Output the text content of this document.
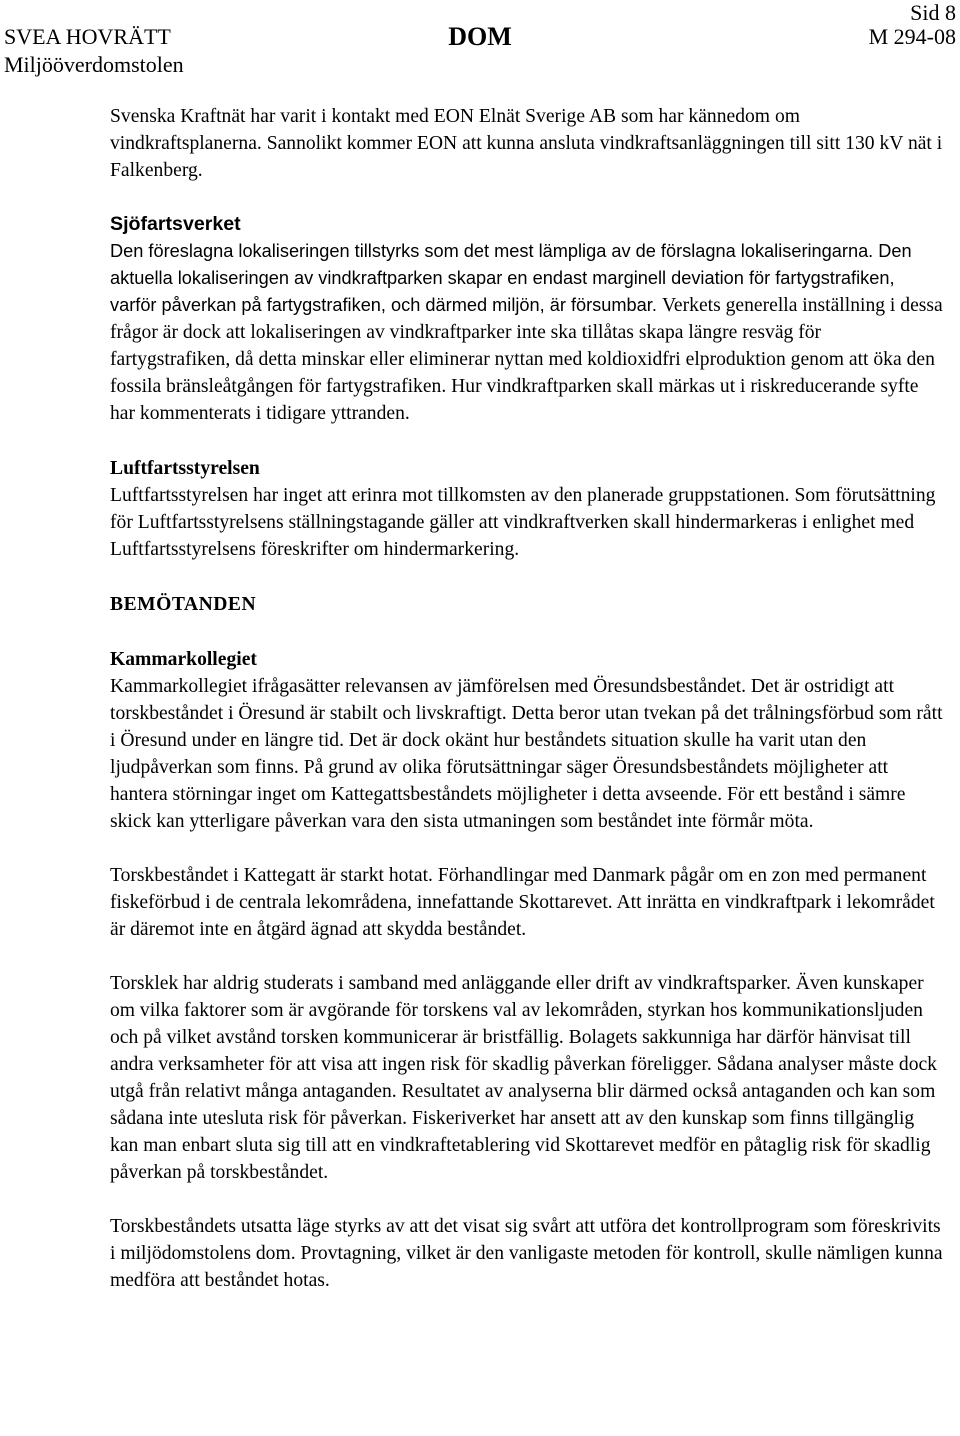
SVEA HOVRÄTT
Miljööverdomstolen
DOM
Sid 8
M 294-08

Svenska Kraftnät har varit i kontakt med EON Elnät Sverige AB som har kännedom om vindkraftsplanerna. Sannolikt kommer EON att kunna ansluta vindkraftsanläggningen till sitt 130 kV nät i Falkenberg.

Sjöfartsverket

Den föreslagna lokaliseringen tillstyrks som det mest lämpliga av de förslagna lokaliseringarna. Den aktuella lokaliseringen av vindkraftparken skapar en endast marginell deviation för fartygstrafiken, varför påverkan på fartygstrafiken, och därmed miljön, är försumbar. Verkets generella inställning i dessa frågor är dock att lokaliseringen av vindkraftparker inte ska tillåtas skapa längre resväg för fartygstrafiken, då detta minskar eller eliminerar nyttan med koldioxidfri elproduktion genom att öka den fossila bränsleåtgången för fartygstrafiken. Hur vindkraftparken skall märkas ut i riskreducerande syfte har kommenterats i tidigare yttranden.

Luftfartsstyrelsen

Luftfartsstyrelsen har inget att erinra mot tillkomsten av den planerade gruppstationen. Som förutsättning för Luftfartsstyrelsens ställningstagande gäller att vindkraftverken skall hindermarkeras i enlighet med Luftfartsstyrelsens föreskrifter om hindermarkering.

BEMÖTANDEN

Kammarkollegiet

Kammarkollegiet ifrågasätter relevansen av jämförelsen med Öresundsbeståndet. Det är ostridigt att torskbeståndet i Öresund är stabilt och livskraftigt. Detta beror utan tvekan på det trålningsförbud som rått i Öresund under en längre tid. Det är dock okänt hur beståndets situation skulle ha varit utan den ljudpåverkan som finns. På grund av olika förutsättningar säger Öresundsbeståndets möjligheter att hantera störningar inget om Kattegattsbeståndets möjligheter i detta avseende. För ett bestånd i sämre skick kan ytterligare påverkan vara den sista utmaningen som beståndet inte förmår möta.

Torskbeståndet i Kattegatt är starkt hotat. Förhandlingar med Danmark pågår om en zon med permanent fiskeförbud i de centrala lekområdena, innefattande Skottarevet. Att inrätta en vindkraftpark i lekområdet är däremot inte en åtgärd ägnad att skydda beståndet.

Torsklek har aldrig studerats i samband med anläggande eller drift av vindkraftsparker. Även kunskaper om vilka faktorer som är avgörande för torskens val av lekområden, styrkan hos kommunikationsljuden och på vilket avstånd torsken kommunicerar är bristfällig. Bolagets sakkunniga har därför hänvisat till andra verksamheter för att visa att ingen risk för skadlig påverkan föreligger. Sådana analyser måste dock utgå från relativt många antaganden. Resultatet av analyserna blir därmed också antaganden och kan som sådana inte utesluta risk för påverkan. Fiskeriverket har ansett att av den kunskap som finns tillgänglig kan man enbart sluta sig till att en vindkraftetablering vid Skottarevet medför en påtaglig risk för skadlig påverkan på torskbeståndet.

Torskbeståndets utsatta läge styrks av att det visat sig svårt att utföra det kontrollprogram som föreskrivits i miljödomstolens dom. Provtagning, vilket är den vanligaste metoden för kontroll, skulle nämligen kunna medföra att beståndet hotas.
